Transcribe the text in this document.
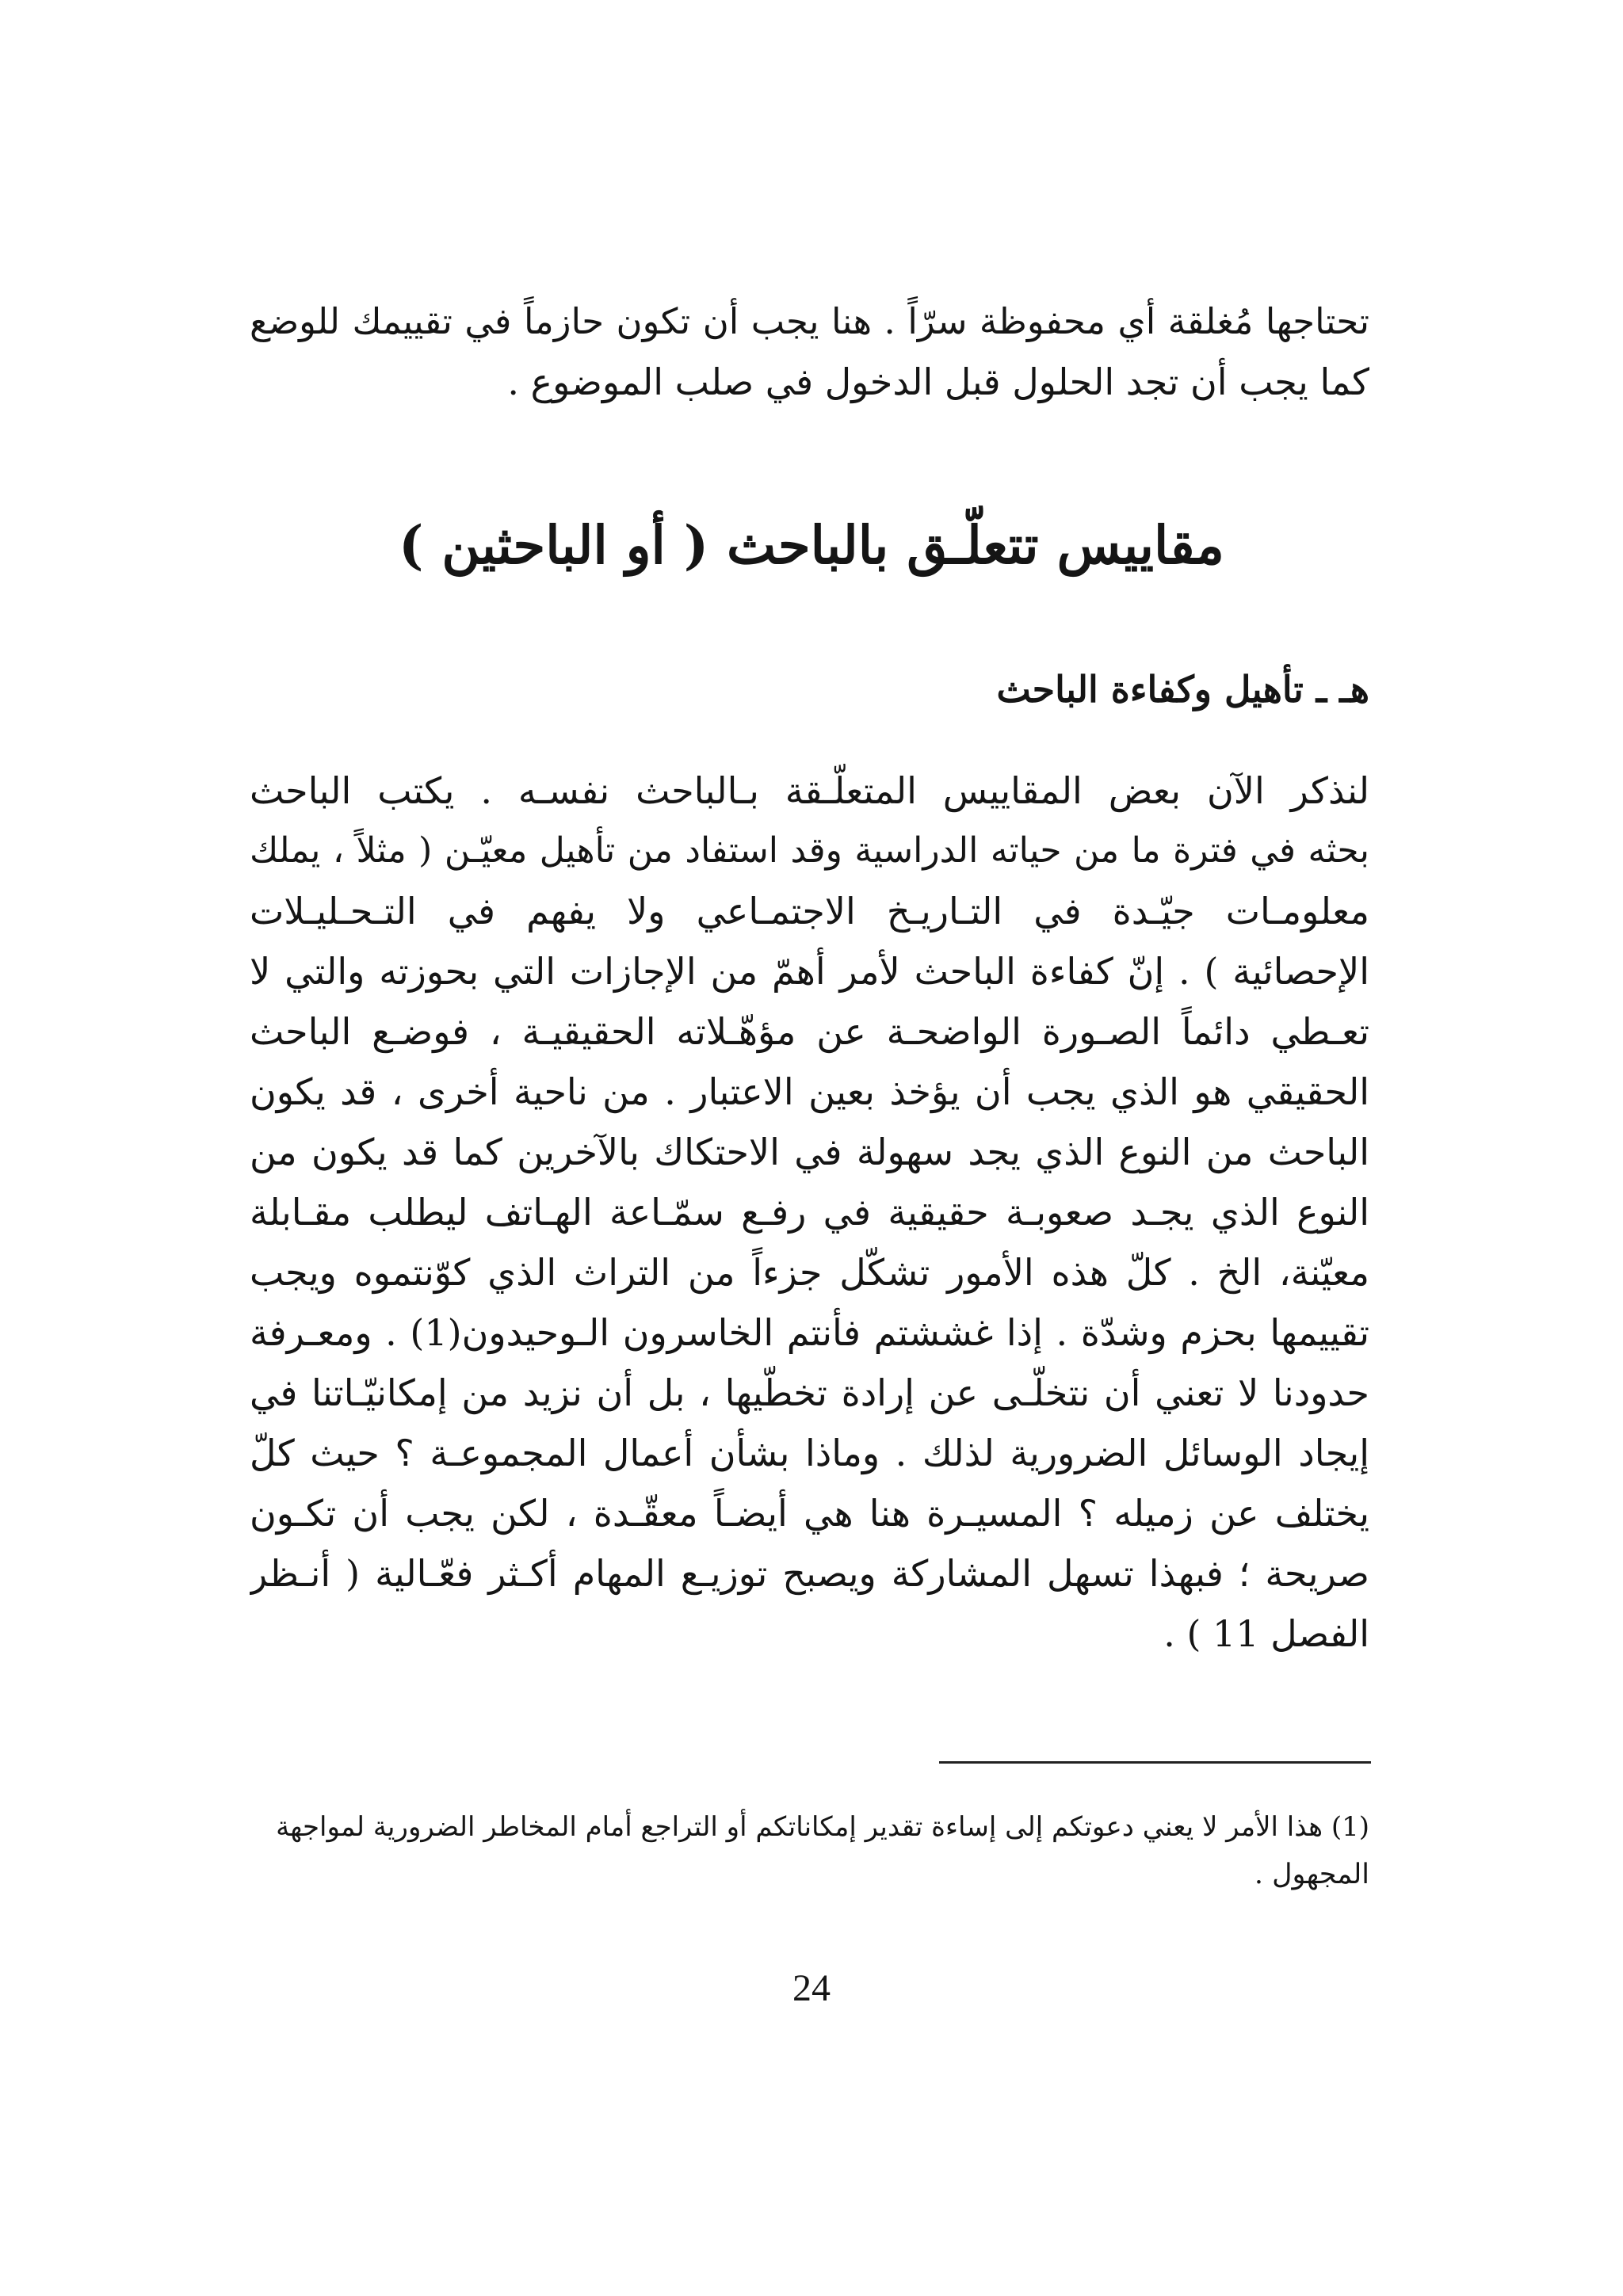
تحتاجها مُغلقة أي محفوظة سرّاً . هنا يجب أن تكون حازماً في تقييمك للوضع
كما يجب أن تجد الحلول قبل الدخول في صلب الموضوع .
مقاييس تتعلّـق بالباحث ( أو الباحثين )
هـ ـ تأهيل وكفاءة الباحث
لنذكر الآن بعض المقاييس المتعلّـقة بـالباحث نفسـه . يكتب الباحث
بحثه في فترة ما من حياته الدراسية وقد استفاد من تأهيل معيّـن ( مثلاً ، يملك
معلومـات جيّـدة في التـاريـخ الاجتمـاعي ولا يفهم في التـحـليـلات
الإحصائية ) . إنّ كفاءة الباحث لأمر أهمّ من الإجازات التي بحوزته والتي لا
تعـطي دائماً الصـورة الواضحـة عن مؤهّـلاته الحقيقيـة ، فوضـع الباحث
الحقيقي هو الذي يجب أن يؤخذ بعين الاعتبار . من ناحية أخرى ، قد يكون
الباحث من النوع الذي يجد سهولة في الاحتكاك بالآخرين كما قد يكون من
النوع الذي يجـد صعوبـة حقيقية في رفـع سمّـاعة الهـاتف ليطلب مقـابلة
معيّنة، الخ . كلّ هذه الأمور تشكّل جزءاً من التراث الذي كوّنتموه ويجب
تقييمها بحزم وشدّة . إذا غششتم فأنتم الخاسرون الـوحيدون(1) . ومعـرفة
حدودنا لا تعني أن نتخلّـى عن إرادة تخطّيها ، بل أن نزيد من إمكانيّـاتنا في
إيجاد الوسائل الضرورية لذلك . وماذا بشأن أعمال المجموعـة ؟ حيث كلّ
يختلف عن زميله ؟ المسيـرة هنا هي أيضـاً معقّـدة ، لكن يجب أن تكـون
صريحة ؛ فبهذا تسهل المشاركة ويصبح توزيـع المهام أكـثر فعّـالية ( أنـظر
الفصل 11 ) .
(1) هذا الأمر لا يعني دعوتكم إلى إساءة تقدير إمكاناتكم أو التراجع أمام المخاطر الضرورية لمواجهة
المجهول .
24
